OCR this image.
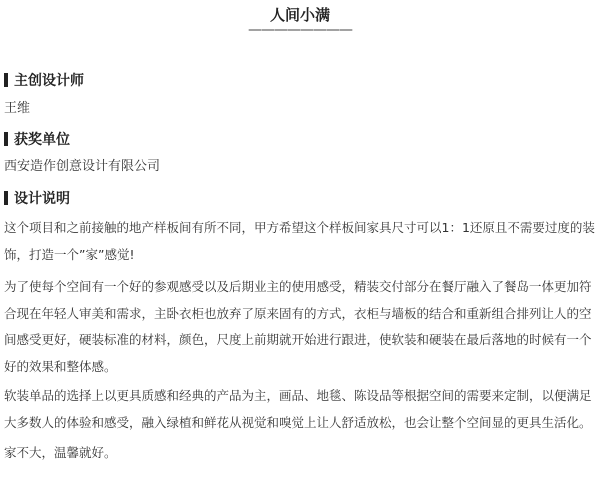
人间小满
————————
主创设计师
王维
获奖单位
西安造作创意设计有限公司
设计说明

这个项目和之前接触的地产样板间有所不同，甲方希望这个样板间家具尺寸可以1：1还原且不需要过度的装饰，打造一个”家”感觉!

为了使每个空间有一个好的参观感受以及后期业主的使用感受，精装交付部分在餐厅融入了餐岛一体更加符合现在年轻人审美和需求，主卧衣柜也放弃了原来固有的方式，衣柜与墙板的结合和重新组合排列让人的空间感受更好，硬装标准的材料，颜色，尺度上前期就开始进行跟进，使软装和硬装在最后落地的时候有一个好的效果和整体感。

软装单品的选择上以更具质感和经典的产品为主，画品、地毯、陈设品等根据空间的需要来定制，以便满足大多数人的体验和感受，融入绿植和鲜花从视觉和嗅觉上让人舒适放松，也会让整个空间显的更具生活化。

家不大，温馨就好。
